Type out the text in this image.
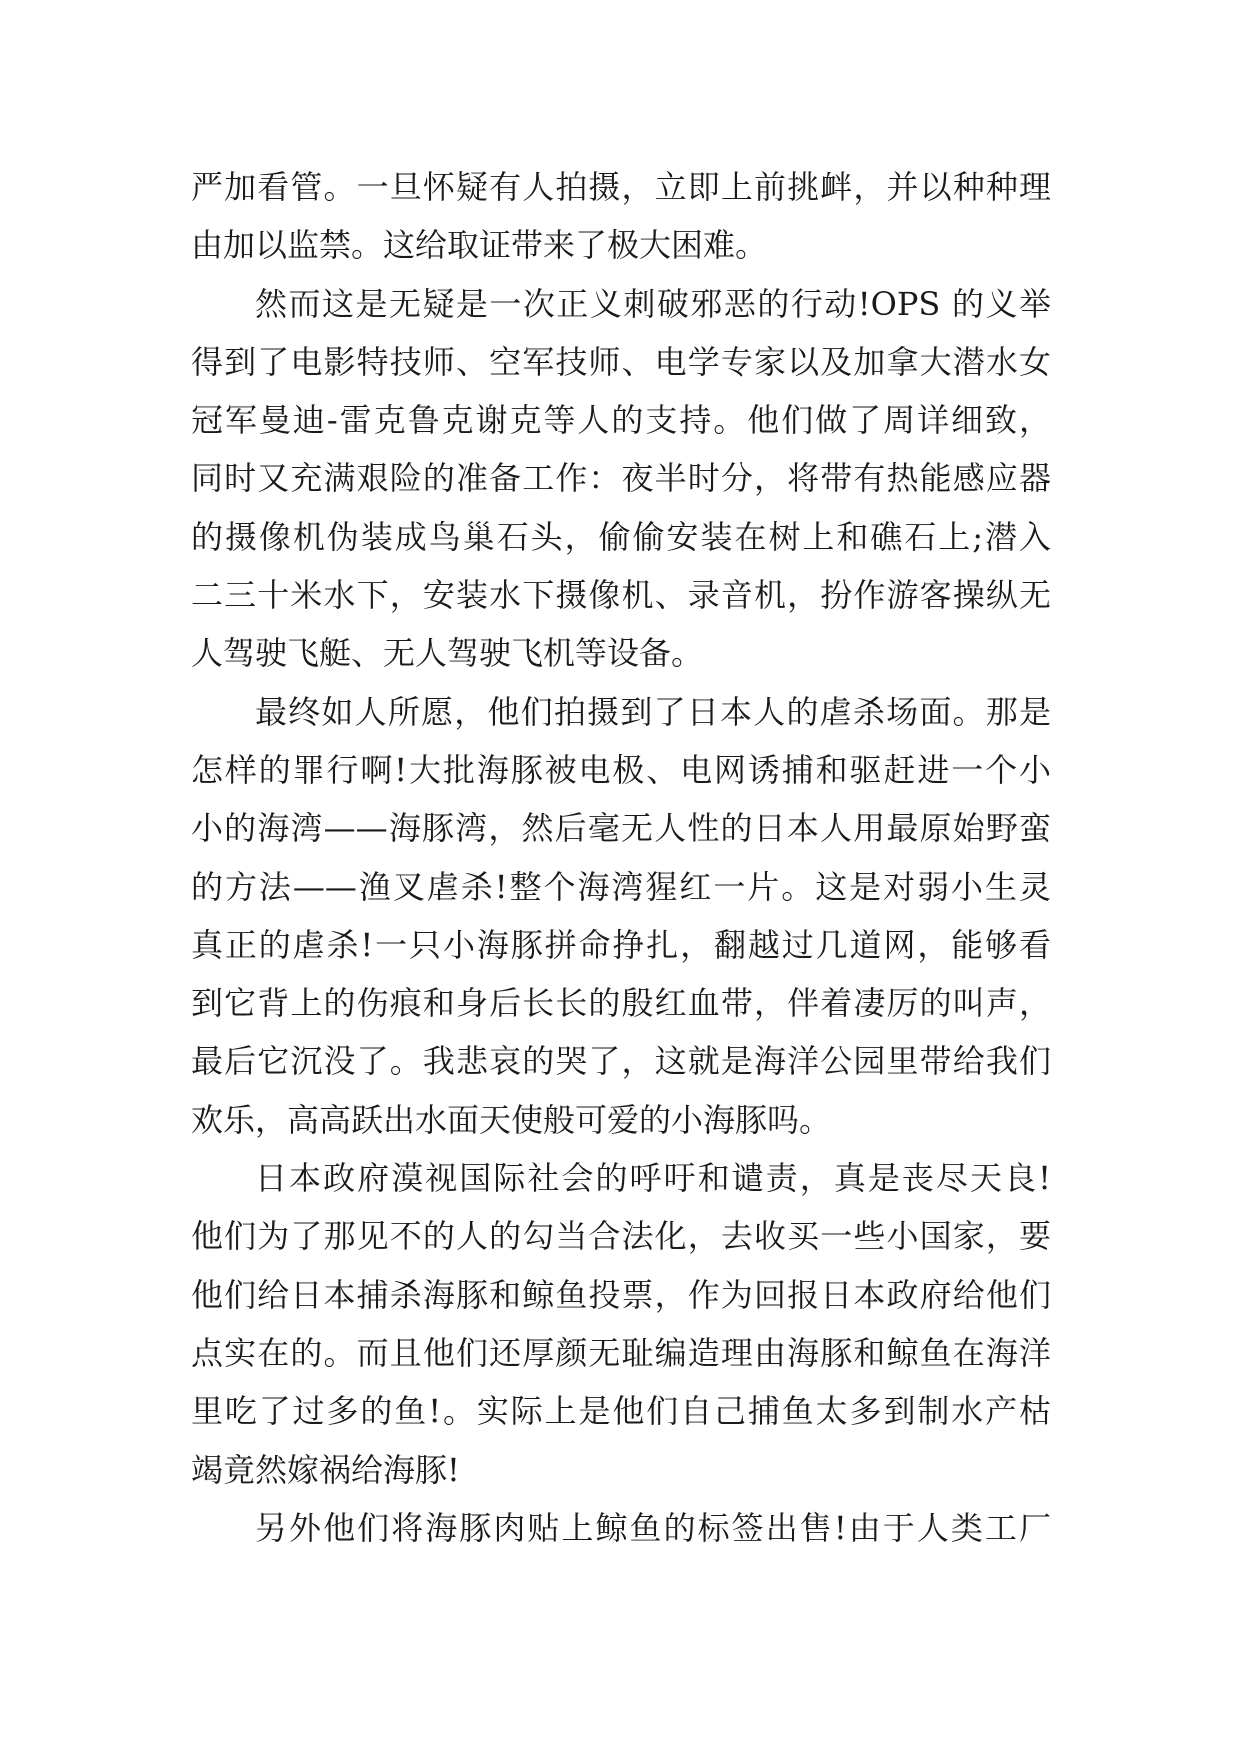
严加看管。一旦怀疑有人拍摄，立即上前挑衅，并以种种理
由加以监禁。这给取证带来了极大困难。
然而这是无疑是一次正义刺破邪恶的行动!OPS 的义举
得到了电影特技师、空军技师、电学专家以及加拿大潜水女
冠军曼迪-雷克鲁克谢克等人的支持。他们做了周详细致，
同时又充满艰险的准备工作：夜半时分，将带有热能感应器
的摄像机伪装成鸟巢石头，偷偷安装在树上和礁石上;潜入
二三十米水下，安装水下摄像机、录音机，扮作游客操纵无
人驾驶飞艇、无人驾驶飞机等设备。
最终如人所愿，他们拍摄到了日本人的虐杀场面。那是
怎样的罪行啊!大批海豚被电极、电网诱捕和驱赶进一个小
小的海湾——海豚湾，然后毫无人性的日本人用最原始野蛮
的方法——渔叉虐杀!整个海湾猩红一片。这是对弱小生灵
真正的虐杀!一只小海豚拼命挣扎，翻越过几道网，能够看
到它背上的伤痕和身后长长的殷红血带，伴着凄厉的叫声，
最后它沉没了。我悲哀的哭了，这就是海洋公园里带给我们
欢乐，高高跃出水面天使般可爱的小海豚吗。
日本政府漠视国际社会的呼吁和谴责，真是丧尽天良!
他们为了那见不的人的勾当合法化，去收买一些小国家，要
他们给日本捕杀海豚和鲸鱼投票，作为回报日本政府给他们
点实在的。而且他们还厚颜无耻编造理由海豚和鲸鱼在海洋
里吃了过多的鱼!。实际上是他们自己捕鱼太多到制水产枯
竭竟然嫁祸给海豚!
另外他们将海豚肉贴上鲸鱼的标签出售!由于人类工厂
